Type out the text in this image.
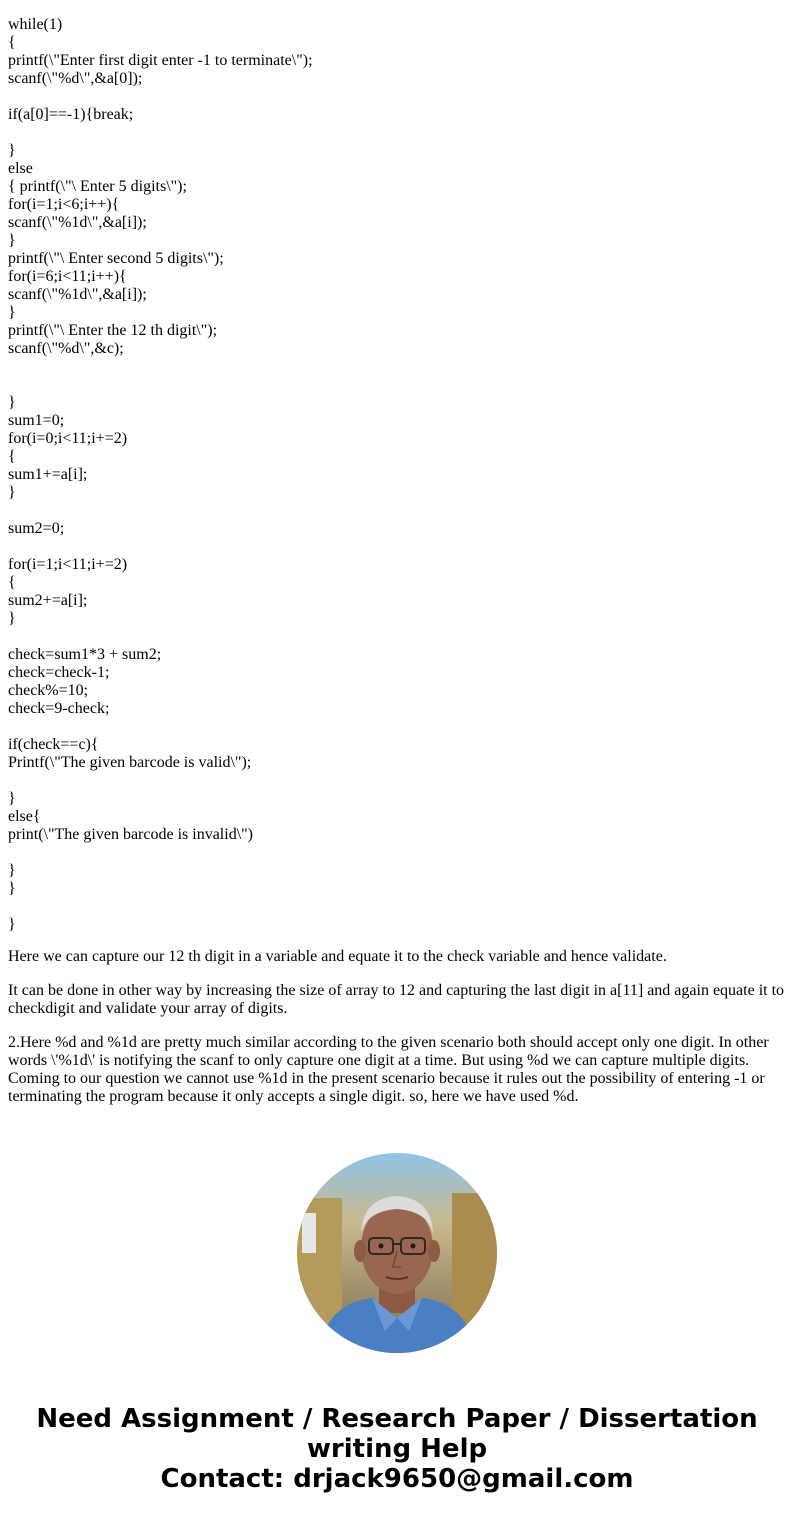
while(1)
{
printf(\"Enter first digit enter -1 to terminate\");
scanf(\"%d\",&a[0]);
if(a[0]==-1){break;
}
else
{ printf(\"\ Enter 5 digits\");
for(i=1;i<6;i++){
scanf(\"%1d\",&a[i]);
}
printf(\"\ Enter second 5 digits\");
for(i=6;i<11;i++){
scanf(\"%1d\",&a[i]);
}
printf(\"\ Enter the 12 th digit\");
scanf(\"%d\",&c);
}
sum1=0;
for(i=0;i<11;i+=2)
{
sum1+=a[i];
}
sum2=0;
for(i=1;i<11;i+=2)
{
sum2+=a[i];
}
check=sum1*3 + sum2;
check=check-1;
check%=10;
check=9-check;
if(check==c){
Printf(\"The given barcode is valid\");
}
else{
print(\"The given barcode is invalid\")
}
}
}

Here we can capture our 12 th digit in a variable and equate it to the check variable and hence validate.

It can be done in other way by increasing the size of array to 12 and capturing the last digit in a[11] and again equate it to checkdigit and validate your array of digits.

2.Here %d and %1d are pretty much similar according to the given scenario both should accept only one digit. In other words \'%1d\' is notifying the scanf to only capture one digit at a time. But using %d we can capture multiple digits. Coming to our question we cannot use %1d in the present scenario because it rules out the possibility of entering -1 or terminating the program because it only accepts a single digit. so, here we have used %d.

Need Assignment / Research Paper / Dissertation
writing Help
Contact: drjack9650@gmail.com
